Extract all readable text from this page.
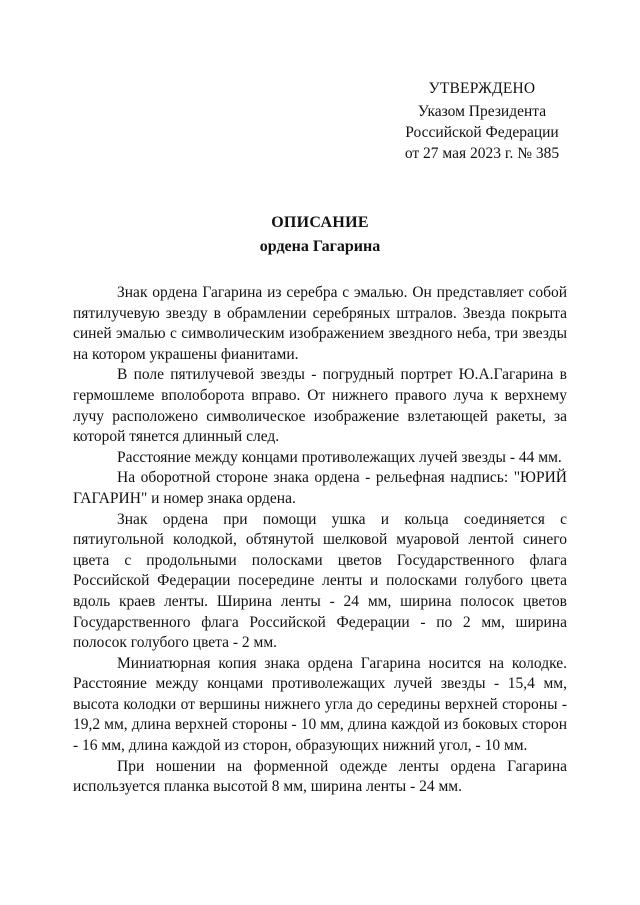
УТВЕРЖДЕНО
Указом Президента
Российской Федерации
от 27 мая 2023 г. № 385
ОПИСАНИЕ
ордена Гагарина

Знак ордена Гагарина из серебра с эмалью. Он представляет собой пятилучевую звезду в обрамлении серебряных штралов. Звезда покрыта синей эмалью с символическим изображением звездного неба, три звезды на котором украшены фианитами.

В поле пятилучевой звезды - погрудный портрет Ю.А.Гагарина в гермошлеме вполоборота вправо. От нижнего правого луча к верхнему лучу расположено символическое изображение взлетающей ракеты, за которой тянется длинный след.

Расстояние между концами противолежащих лучей звезды - 44 мм.

На оборотной стороне знака ордена - рельефная надпись: "ЮРИЙ ГАГАРИН" и номер знака ордена.

Знак ордена при помощи ушка и кольца соединяется с пятиугольной колодкой, обтянутой шелковой муаровой лентой синего цвета с продольными полосками цветов Государственного флага Российской Федерации посередине ленты и полосками голубого цвета вдоль краев ленты. Ширина ленты - 24 мм, ширина полосок цветов Государственного флага Российской Федерации - по 2 мм, ширина полосок голубого цвета - 2 мм.

Миниатюрная копия знака ордена Гагарина носится на колодке. Расстояние между концами противолежащих лучей звезды - 15,4 мм, высота колодки от вершины нижнего угла до середины верхней стороны - 19,2 мм, длина верхней стороны - 10 мм, длина каждой из боковых сторон - 16 мм, длина каждой из сторон, образующих нижний угол, - 10 мм.

При ношении на форменной одежде ленты ордена Гагарина используется планка высотой 8 мм, ширина ленты - 24 мм.
